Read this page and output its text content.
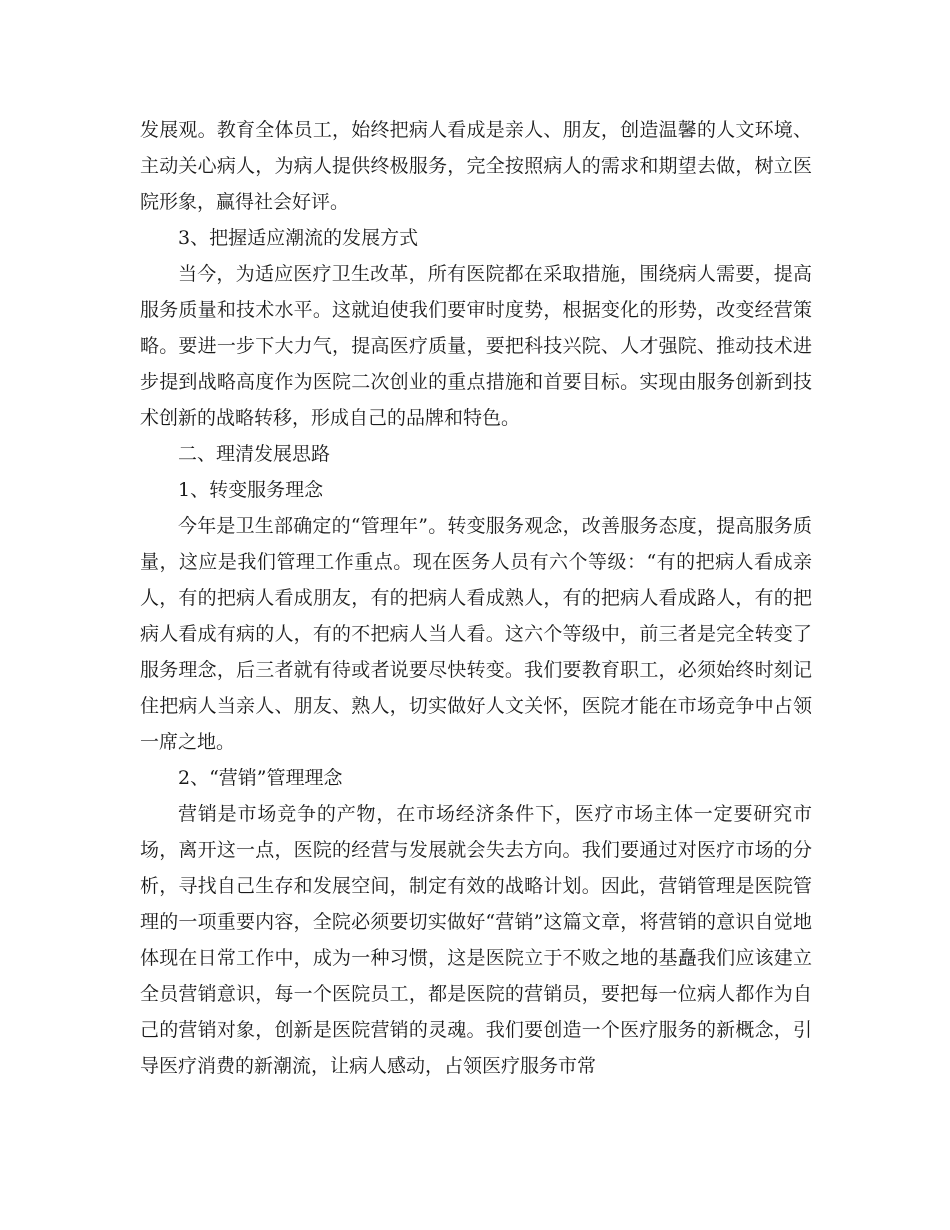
发展观。教育全体员工，始终把病人看成是亲人、朋友，创造温馨的人文环境、主动关心病人，为病人提供终极服务，完全按照病人的需求和期望去做，树立医院形象，赢得社会好评。

3、把握适应潮流的发展方式

当今，为适应医疗卫生改革，所有医院都在采取措施，围绕病人需要，提高服务质量和技术水平。这就迫使我们要审时度势，根据变化的形势，改变经营策略。要进一步下大力气，提高医疗质量，要把科技兴院、人才强院、推动技术进步提到战略高度作为医院二次创业的重点措施和首要目标。实现由服务创新到技术创新的战略转移，形成自己的品牌和特色。

二、理清发展思路

1、转变服务理念

今年是卫生部确定的“管理年”。转变服务观念，改善服务态度，提高服务质量，这应是我们管理工作重点。现在医务人员有六个等级：“有的把病人看成亲人，有的把病人看成朋友，有的把病人看成熟人，有的把病人看成路人，有的把病人看成有病的人，有的不把病人当人看。这六个等级中，前三者是完全转变了服务理念，后三者就有待或者说要尽快转变。我们要教育职工，必须始终时刻记住把病人当亲人、朋友、熟人，切实做好人文关怀，医院才能在市场竞争中占领一席之地。

2、“营销”管理理念

营销是市场竞争的产物，在市场经济条件下，医疗市场主体一定要研究市场，离开这一点，医院的经营与发展就会失去方向。我们要通过对医疗市场的分析，寻找自己生存和发展空间，制定有效的战略计划。因此，营销管理是医院管理的一项重要内容，全院必须要切实做好“营销”这篇文章，将营销的意识自觉地体现在日常工作中，成为一种习惯，这是医院立于不败之地的基矗我们应该建立全员营销意识，每一个医院员工，都是医院的营销员，要把每一位病人都作为自己的营销对象，创新是医院营销的灵魂。我们要创造一个医疗服务的新概念，引导医疗消费的新潮流，让病人感动，占领医疗服务市常
